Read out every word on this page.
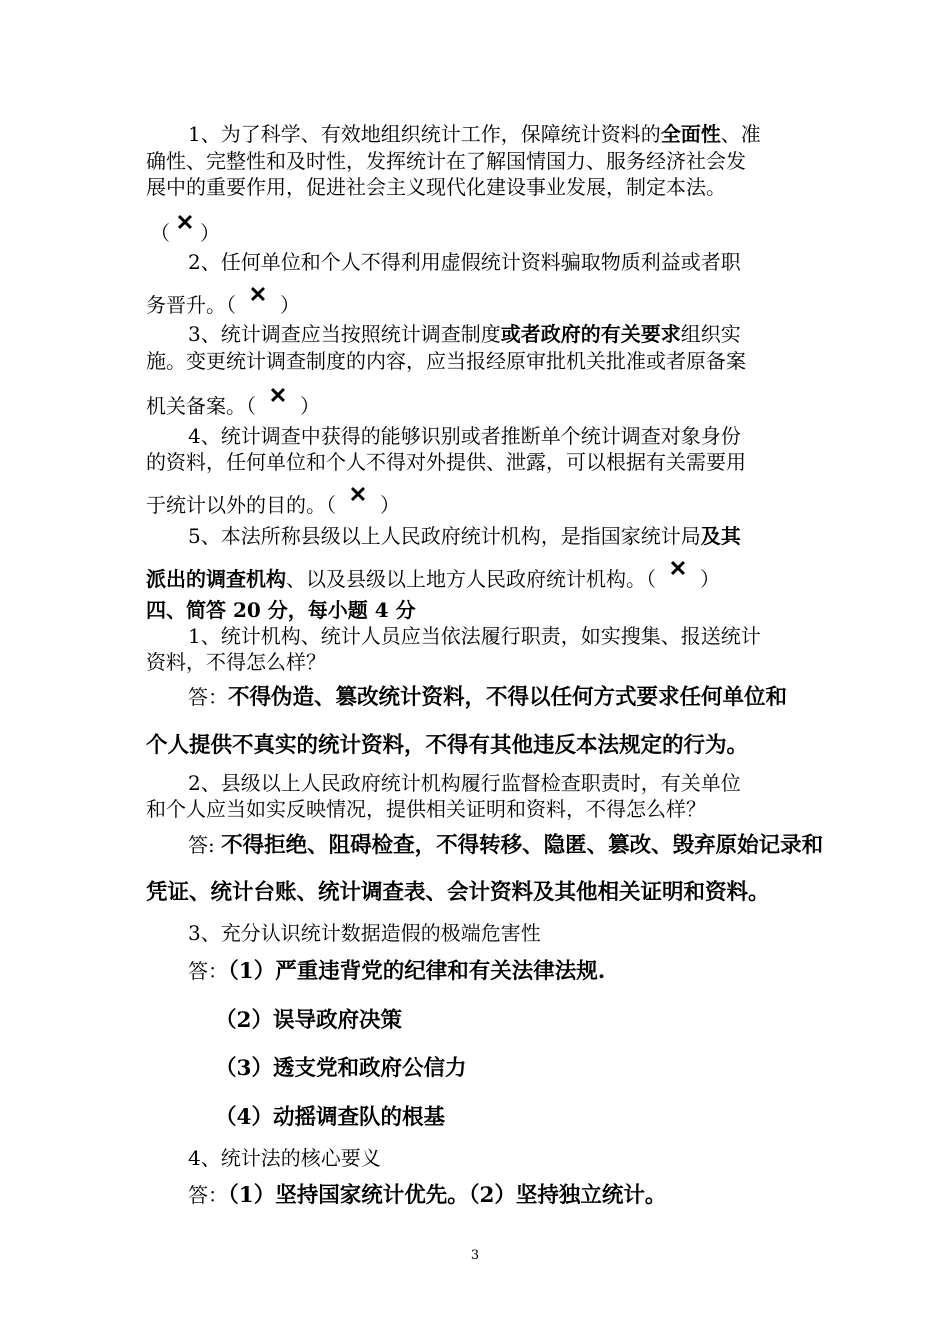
1、为了科学、有效地组织统计工作，保障统计资料的全面性、准
确性、完整性和及时性，发挥统计在了解国情国力、服务经济社会发
展中的重要作用，促进社会主义现代化建设事业发展，制定本法。
（ ✕ ）
2、任何单位和个人不得利用虚假统计资料骗取物质利益或者职
务晋升。（ ✕ ）
3、统计调查应当按照统计调查制度或者政府的有关要求组织实
施。变更统计调查制度的内容，应当报经原审批机关批准或者原备案
机关备案。（ ✕ ）
4、统计调查中获得的能够识别或者推断单个统计调查对象身份
的资料，任何单位和个人不得对外提供、泄露，可以根据有关需要用
于统计以外的目的。（ ✕ ）
5、本法所称县级以上人民政府统计机构，是指国家统计局及其
派出的调查机构、以及县级以上地方人民政府统计机构。（ ✕ ）
四、简答 20 分，每小题 4 分
1、统计机构、统计人员应当依法履行职责，如实搜集、报送统计
资料，不得怎么样？
答：不得伪造、篡改统计资料，不得以任何方式要求任何单位和
个人提供不真实的统计资料，不得有其他违反本法规定的行为。
2、县级以上人民政府统计机构履行监督检查职责时，有关单位
和个人应当如实反映情况，提供相关证明和资料，不得怎么样？
答: 不得拒绝、阻碍检查，不得转移、隐匿、篡改、毁弃原始记录和
凭证、统计台账、统计调查表、会计资料及其他相关证明和资料。
3、充分认识统计数据造假的极端危害性
答：（1）严重违背党的纪律和有关法律法规.
（2）误导政府决策
（3）透支党和政府公信力
（4）动摇调查队的根基
4、统计法的核心要义
答：（1）坚持国家统计优先。（2）坚持独立统计。
3
